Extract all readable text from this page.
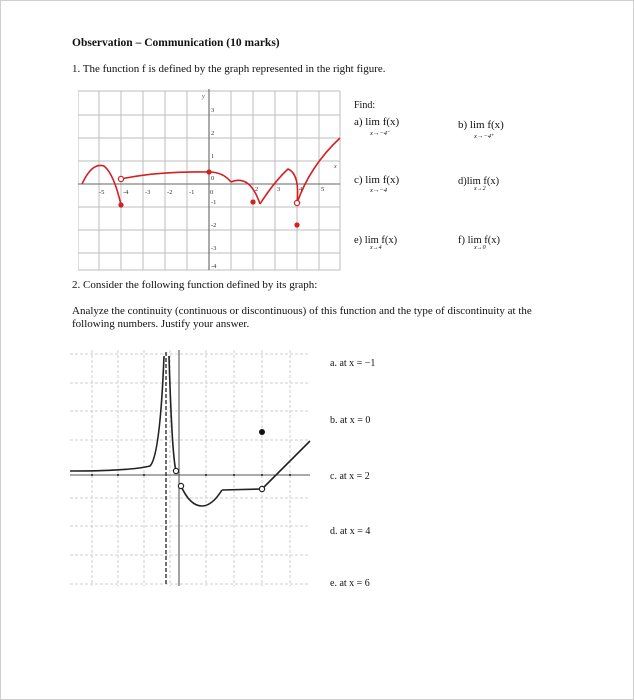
Observation – Communication (10 marks)
1. The function f is defined by the graph represented in the right figure.
y
x
-5	-4	-3	-2	-1 0	2	3	4	5
3
2
1
0
-1
-2
-3
-4
Find:
a) lim f(x)
x→−4⁻
b) lim f(x)
x→−4⁺
c) lim f(x)
x→−4
d)lim f(x)
x→2
e) lim f(x)
x→4
f) lim f(x)
x→0
2. Consider the following function defined by its graph:
Analyze the continuity (continuous or discontinuous) of this function and the type of discontinuity at the following numbers. Justify your answer.
a. at x = −1
b. at x = 0
c. at x = 2
d. at x = 4
e. at x = 6
